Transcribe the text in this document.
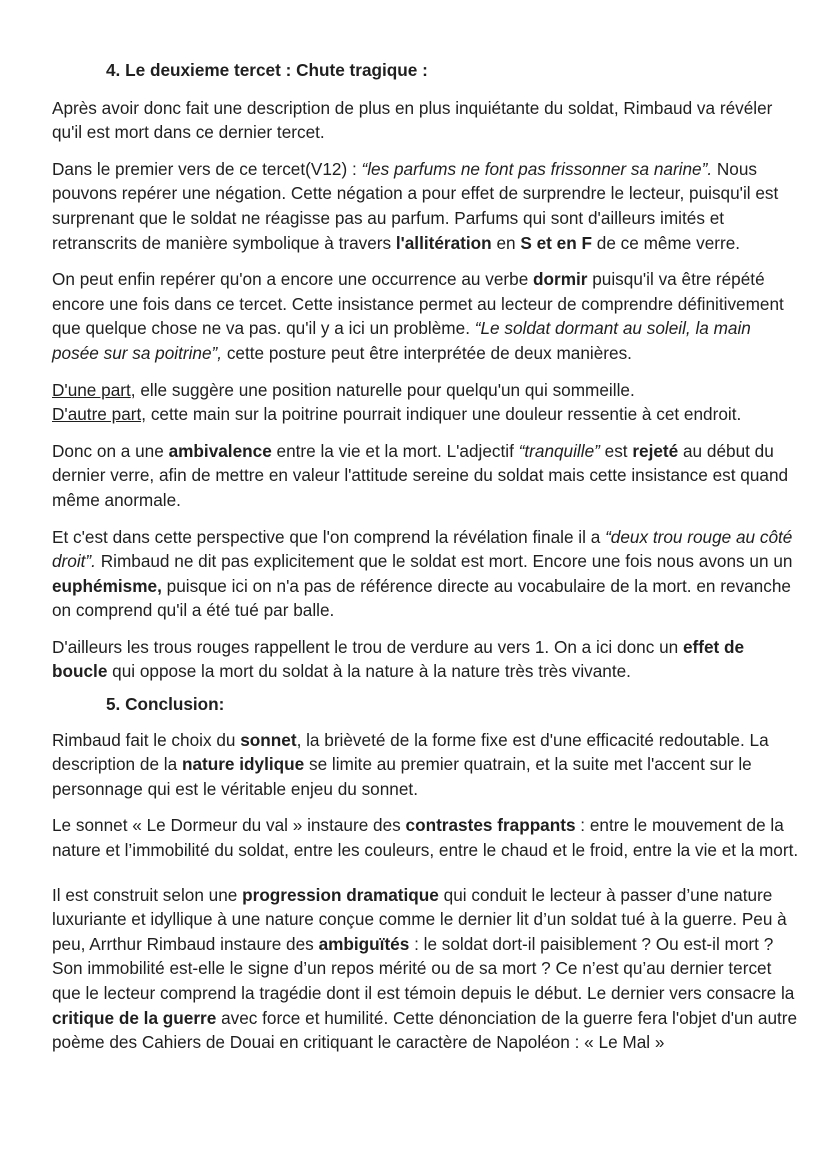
4. Le deuxieme tercet : Chute tragique :

Après avoir donc fait une description de plus en plus inquiétante du soldat, Rimbaud va révéler qu'il est mort dans ce dernier tercet.

Dans le premier vers de ce tercet(V12) : “les parfums ne font pas frissonner sa narine”. Nous pouvons repérer une négation. Cette négation a pour effet de surprendre le lecteur, puisqu'il est surprenant que le soldat ne réagisse pas au parfum. Parfums qui sont d'ailleurs imités et retranscrits de manière symbolique à travers l'allitération en S et en F de ce même verre.

On peut enfin repérer qu'on a encore une occurrence au verbe dormir puisqu'il va être répété encore une fois dans ce tercet. Cette insistance permet au lecteur de comprendre définitivement que quelque chose ne va pas. qu'il y a ici un problème. “Le soldat dormant au soleil, la main posée sur sa poitrine”, cette posture peut être interprétée de deux manières.

D'une part, elle suggère une position naturelle pour quelqu'un qui sommeille.
D'autre part, cette main sur la poitrine pourrait indiquer une douleur ressentie à cet endroit.

Donc on a une ambivalence entre la vie et la mort. L'adjectif “tranquille” est rejeté au début du dernier verre, afin de mettre en valeur l'attitude sereine du soldat mais cette insistance est quand même anormale.

Et c'est dans cette perspective que l'on comprend la révélation finale il a “deux trou rouge au côté droit”. Rimbaud ne dit pas explicitement que le soldat est mort. Encore une fois nous avons un un euphémisme, puisque ici on n'a pas de référence directe au vocabulaire de la mort. en revanche on comprend qu'il a été tué par balle.

D'ailleurs les trous rouges rappellent le trou de verdure au vers 1. On a ici donc un effet de boucle qui oppose la mort du soldat à la nature à la nature très très vivante.

5. Conclusion:

Rimbaud fait le choix du sonnet, la brièveté de la forme fixe est d'une efficacité redoutable. La description de la nature idylique se limite au premier quatrain, et la suite met l'accent sur le personnage qui est le véritable enjeu du sonnet.

Le sonnet « Le Dormeur du val » instaure des contrastes frappants : entre le mouvement de la nature et l’immobilité du soldat, entre les couleurs, entre le chaud et le froid, entre la vie et la mort.

Il est construit selon une progression dramatique qui conduit le lecteur à passer d’une nature luxuriante et idyllique à une nature conçue comme le dernier lit d’un soldat tué à la guerre. Peu à peu, Arrthur Rimbaud instaure des ambiguïtés : le soldat dort-il paisiblement ? Ou est-il mort ? Son immobilité est-elle le signe d’un repos mérité ou de sa mort ? Ce n’est qu’au dernier tercet que le lecteur comprend la tragédie dont il est témoin depuis le début. Le dernier vers consacre la critique de la guerre avec force et humilité. Cette dénonciation de la guerre fera l'objet d'un autre poème des Cahiers de Douai en critiquant le caractère de Napoléon : « Le Mal »
